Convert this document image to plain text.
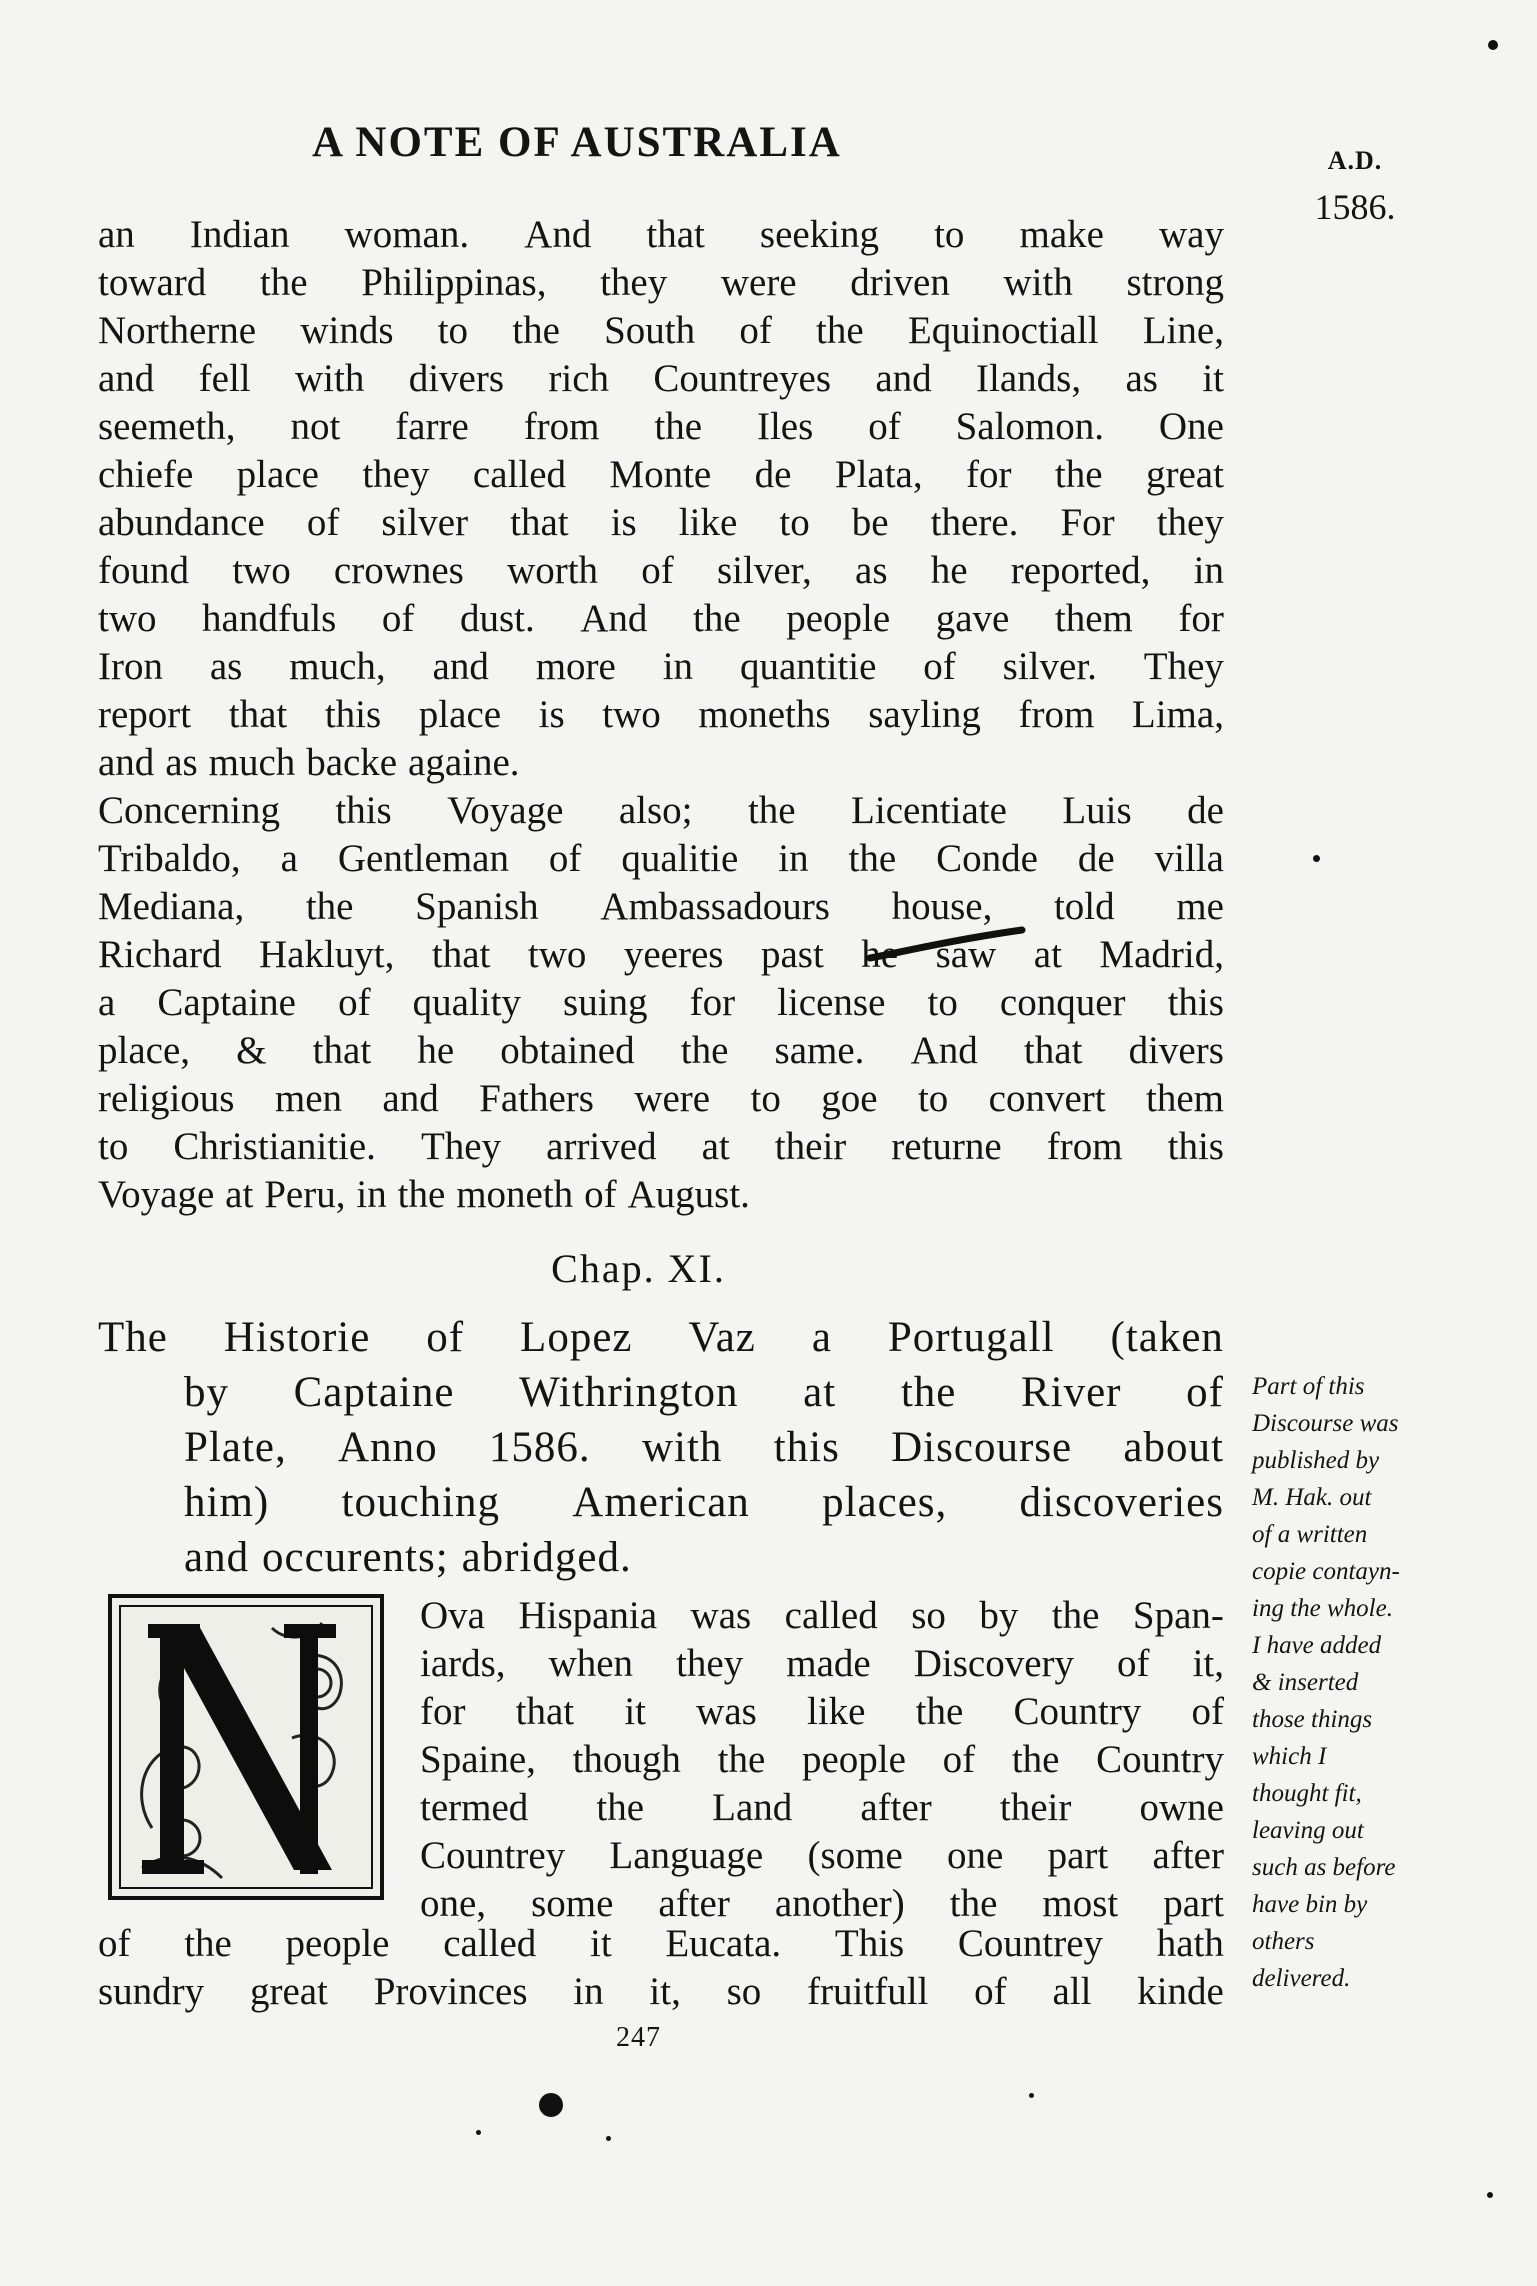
A NOTE OF AUSTRALIA	A.D.
1586.
an Indian woman. And that seeking to make way
toward the Philippinas, they were driven with strong
Northerne winds to the South of the Equinoctiall Line,
and fell with divers rich Countreyes and Ilands, as it
seemeth, not farre from the Iles of Salomon. One
chiefe place they called Monte de Plata, for the great
abundance of silver that is like to be there. For they
found two crownes worth of silver, as he reported, in
two handfuls of dust. And the people gave them for
Iron as much, and more in quantitie of silver. They
report that this place is two moneths sayling from Lima,
and as much backe againe.
Concerning this Voyage also; the Licentiate Luis de
Tribaldo, a Gentleman of qualitie in the Conde de villa
Mediana, the Spanish Ambassadours house, told me
Richard Hakluyt, that two yeeres past he saw at Madrid,
a Captaine of quality suing for license to conquer this
place, & that he obtained the same. And that divers
religious men and Fathers were to goe to convert them
to Christianitie. They arrived at their returne from this
Voyage at Peru, in the moneth of August.
Chap. XI.
The Historie of Lopez Vaz a Portugall (taken
by Captaine Withrington at the River of
Plate, Anno 1586. with this Discourse about
him) touching American places, discoveries
and occurents; abridged.
Ova Hispania was called so by the Span-
iards, when they made Discovery of it,
for that it was like the Country of
Spaine, though the people of the Country
termed the Land after their owne
Countrey Language (some one part after
one, some after another) the most part
of the people called it Eucata. This Countrey hath
sundry great Provinces in it, so fruitfull of all kinde
Part of this
Discourse was
published by
M. Hak. out
of a written
copie contayn-
ing the whole.
I have added
& inserted
those things
which I
thought fit,
leaving out
such as before
have bin by
others
delivered.
247
